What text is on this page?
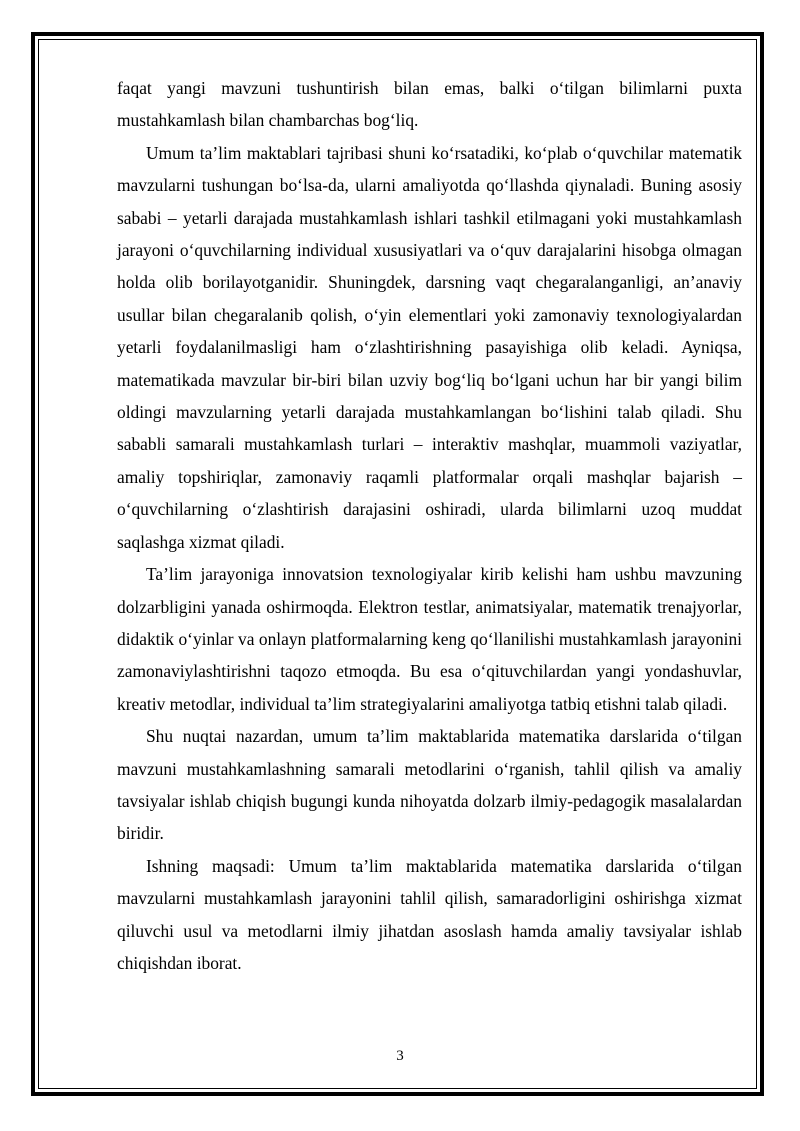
faqat yangi mavzuni tushuntirish bilan emas, balki o‘tilgan bilimlarni puxta mustahkamlash bilan chambarchas bog‘liq.

Umum ta’lim maktablari tajribasi shuni ko‘rsatadiki, ko‘plab o‘quvchilar matematik mavzularni tushungan bo‘lsa-da, ularni amaliyotda qo‘llashda qiynaladi. Buning asosiy sababi – yetarli darajada mustahkamlash ishlari tashkil etilmagani yoki mustahkamlash jarayoni o‘quvchilarning individual xususiyatlari va o‘quv darajalarini hisobga olmagan holda olib borilayotganidir. Shuningdek, darsning vaqt chegaralanganligi, an’anaviy usullar bilan chegaralanib qolish, o‘yin elementlari yoki zamonaviy texnologiyalardan yetarli foydalanilmasligi ham o‘zlashtirishning pasayishiga olib keladi. Ayniqsa, matematikada mavzular bir-biri bilan uzviy bog‘liq bo‘lgani uchun har bir yangi bilim oldingi mavzularning yetarli darajada mustahkamlangan bo‘lishini talab qiladi. Shu sababli samarali mustahkamlash turlari – interaktiv mashqlar, muammoli vaziyatlar, amaliy topshiriqlar, zamonaviy raqamli platformalar orqali mashqlar bajarish – o‘quvchilarning o‘zlashtirish darajasini oshiradi, ularda bilimlarni uzoq muddat saqlashga xizmat qiladi.

Ta’lim jarayoniga innovatsion texnologiyalar kirib kelishi ham ushbu mavzuning dolzarbligini yanada oshirmoqda. Elektron testlar, animatsiyalar, matematik trenajyorlar, didaktik o‘yinlar va onlayn platformalarning keng qo‘llanilishi mustahkamlash jarayonini zamonaviylashtirishni taqozo etmoqda. Bu esa o‘qituvchilardan yangi yondashuvlar, kreativ metodlar, individual ta’lim strategiyalarini amaliyotga tatbiq etishni talab qiladi.

Shu nuqtai nazardan, umum ta’lim maktablarida matematika darslarida o‘tilgan mavzuni mustahkamlashning samarali metodlarini o‘rganish, tahlil qilish va amaliy tavsiyalar ishlab chiqish bugungi kunda nihoyatda dolzarb ilmiy-pedagogik masalalardan biridir.

Ishning maqsadi: Umum ta’lim maktablarida matematika darslarida o‘tilgan mavzularni mustahkamlash jarayonini tahlil qilish, samaradorligini oshirishga xizmat qiluvchi usul va metodlarni ilmiy jihatdan asoslash hamda amaliy tavsiyalar ishlab chiqishdan iborat.

3
